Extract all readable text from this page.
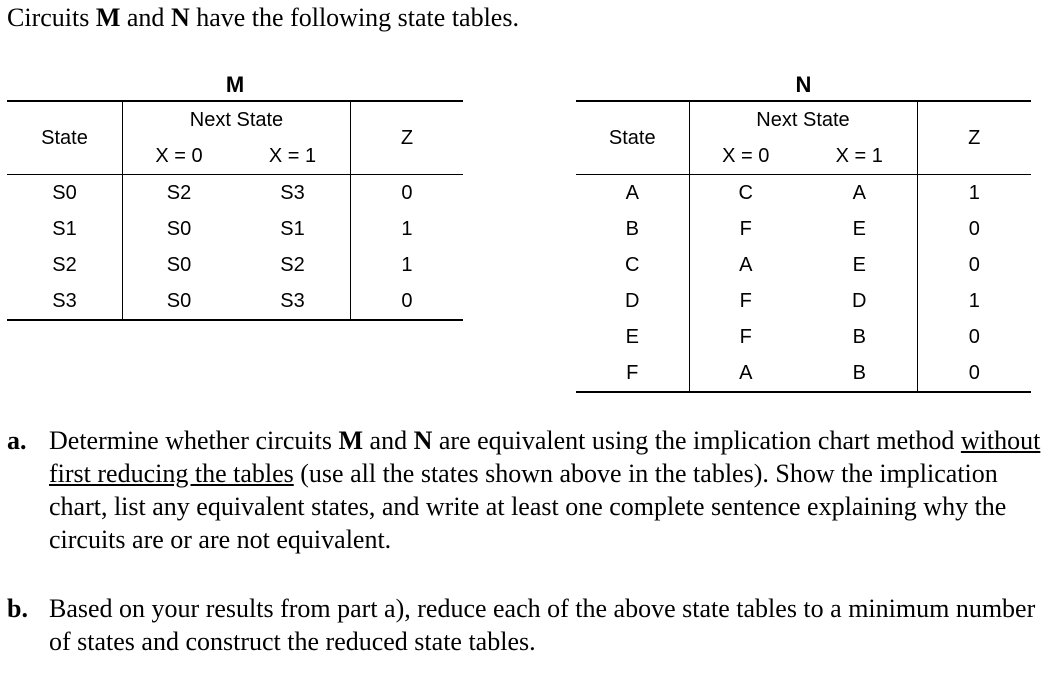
Circuits M and N have the following state tables.
M
State	Next State		Z
	X = 0	X = 1	
S0	S2	S3	0
S1	S0	S1	1
S2	S0	S2	1
S3	S0	S3	0
N
State	Next State		Z
	X = 0	X = 1	
A	C	A	1
B	F	E	0
C	A	E	0
D	F	D	1
E	F	B	0
F	A	B	0
a. Determine whether circuits M and N are equivalent using the implication chart method without first reducing the tables (use all the states shown above in the tables). Show the implication chart, list any equivalent states, and write at least one complete sentence explaining why the circuits are or are not equivalent.
b. Based on your results from part a), reduce each of the above state tables to a minimum number of states and construct the reduced state tables.
